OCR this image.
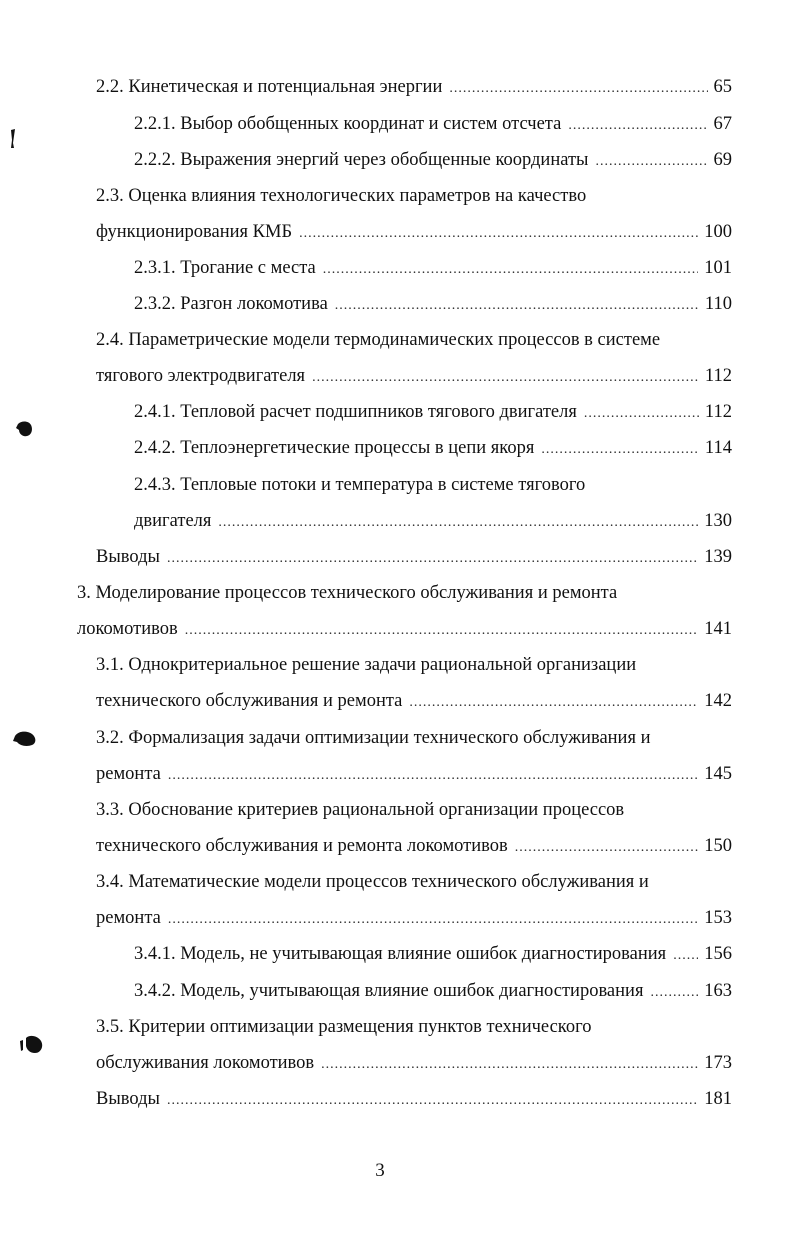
2.2. Кинетическая и потенциальная энергии .....	65
2.2.1. Выбор обобщенных координат и систем отсчета .....	67
2.2.2. Выражения энергий через обобщенные координаты .....	69
2.3. Оценка влияния технологических параметров на качество
функционирования КМБ .....	100
2.3.1. Трогание с места .....	101
2.3.2. Разгон локомотива .....	110
2.4. Параметрические модели термодинамических процессов в системе
тягового электродвигателя .....	112
2.4.1. Тепловой расчет подшипников тягового двигателя .....	112
2.4.2. Теплоэнергетические процессы в цепи якоря .....	114
2.4.3. Тепловые потоки и температура в системе тягового
двигателя .....	130
Выводы .....	139
3. Моделирование процессов технического обслуживания и ремонта
локомотивов .....	141
3.1. Однокритериальное решение задачи рациональной организации
технического обслуживания и ремонта .....	142
3.2. Формализация задачи оптимизации технического обслуживания и
ремонта .....	145
3.3. Обоснование критериев рациональной организации процессов
технического обслуживания и ремонта локомотивов .....	150
3.4. Математические модели процессов технического обслуживания и
ремонта .....	153
3.4.1. Модель, не учитывающая влияние ошибок диагностирования ..... 156
3.4.2. Модель, учитывающая влияние ошибок диагностирования .....	163
3.5. Критерии оптимизации размещения пунктов технического
обслуживания локомотивов .....	173
Выводы .....	181
3
